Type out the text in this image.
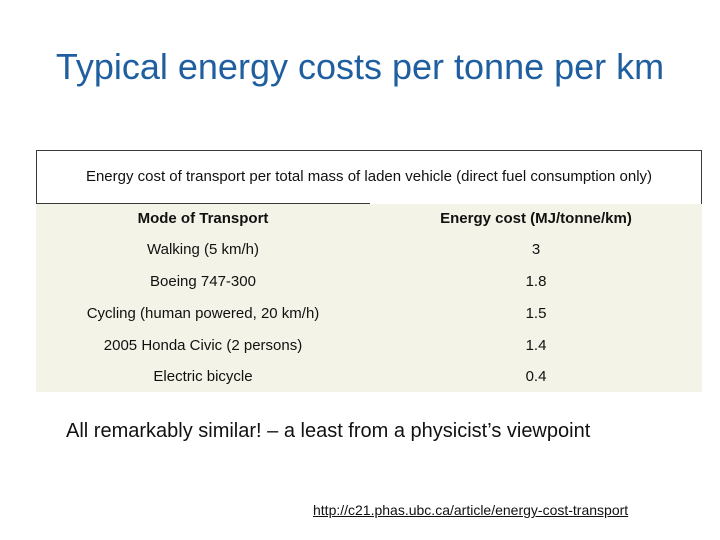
Typical energy costs per tonne per km
Energy cost of transport per total mass of laden vehicle (direct fuel consumption only)
Mode of Transport	Energy cost (MJ/tonne/km)
Walking (5 km/h)	3
Boeing 747-300	1.8
Cycling (human powered, 20 km/h)	1.5
2005 Honda Civic (2 persons)	1.4
Electric bicycle	0.4
All remarkably similar! – a least from a physicist’s viewpoint
http://c21.phas.ubc.ca/article/energy-cost-transport
